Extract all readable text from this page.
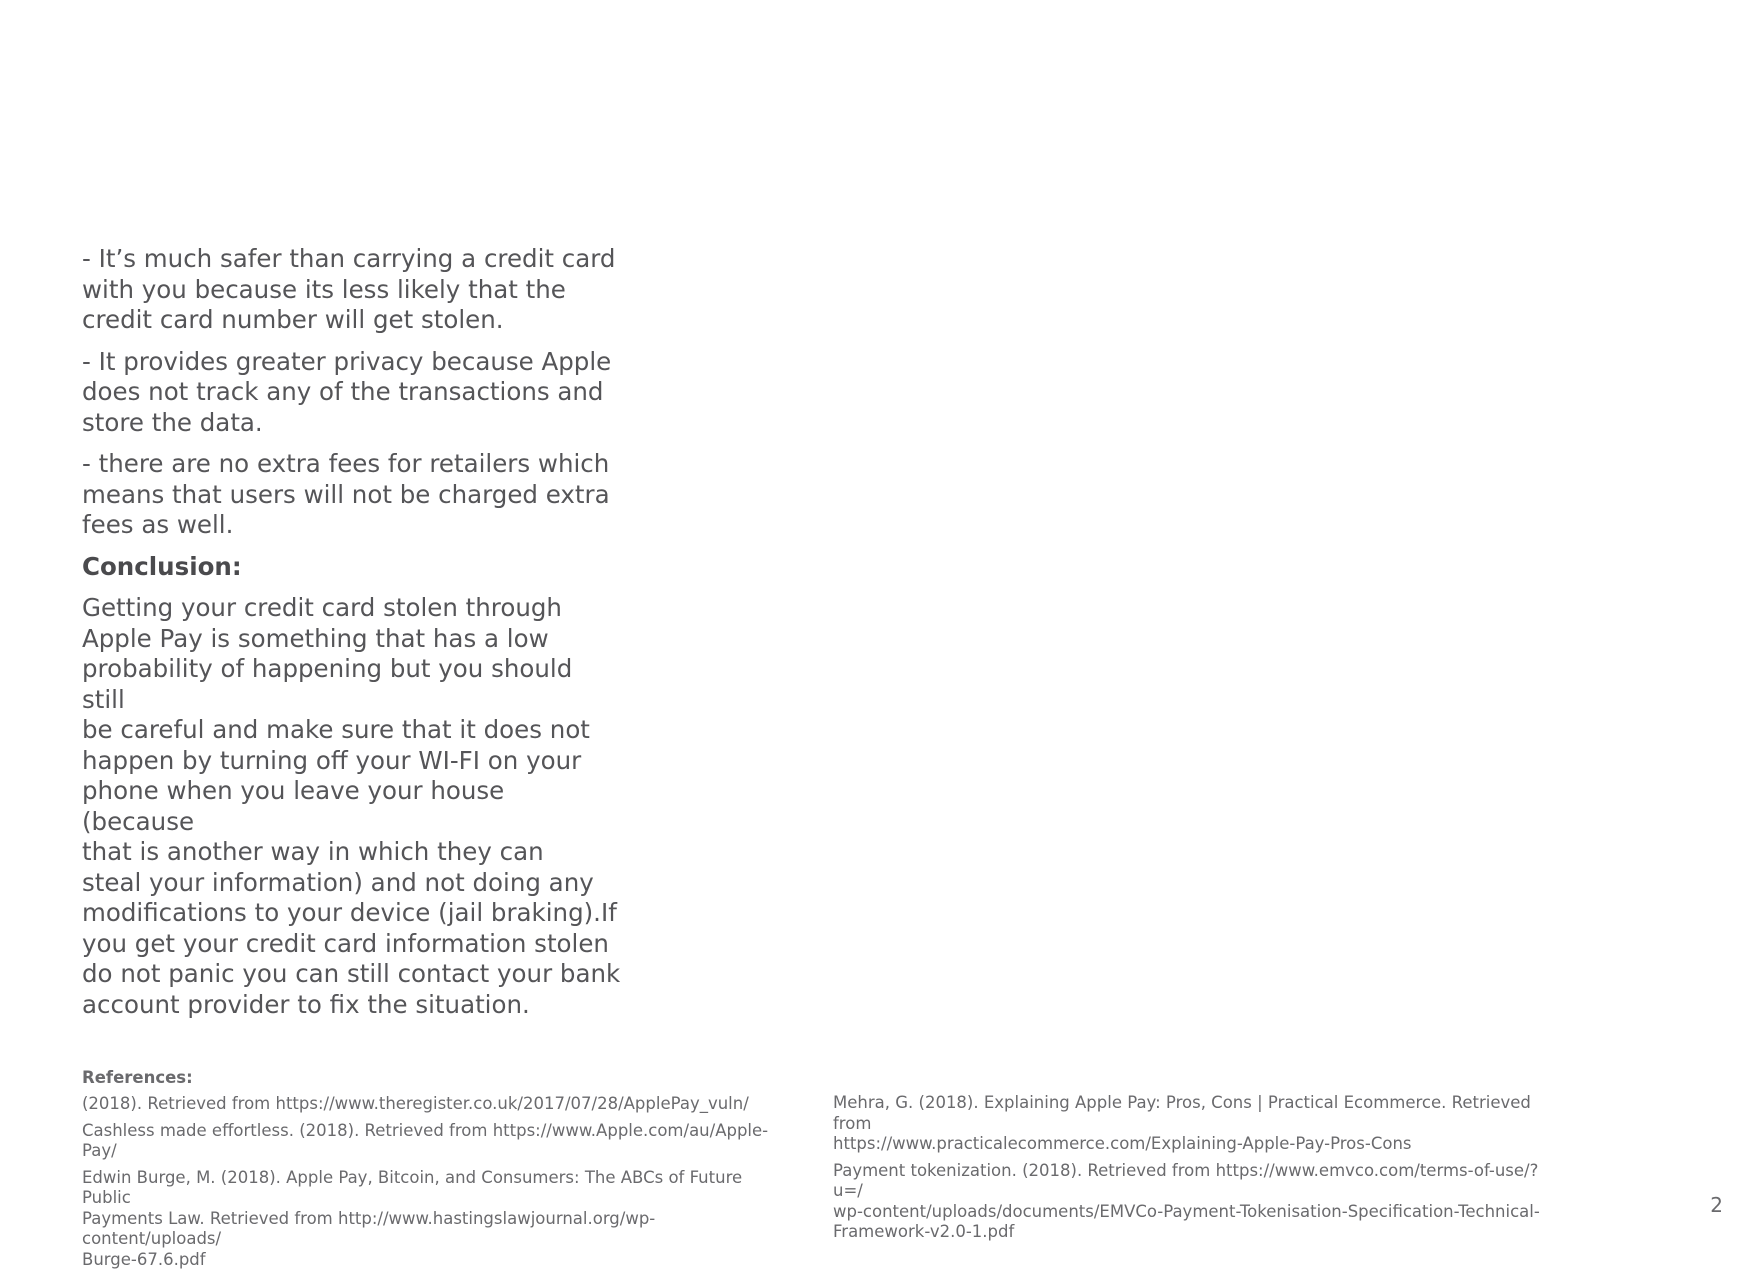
- It’s much safer than carrying a credit card
with you because its less likely that the
credit card number will get stolen.

- It provides greater privacy because Apple
does not track any of the transactions and
store the data.

- there are no extra fees for retailers which
means that users will not be charged extra
fees as well.

Conclusion:

Getting your credit card stolen through
Apple Pay is something that has a low
probability of happening but you should still
be careful and make sure that it does not
happen by turning off your WI-FI on your
phone when you leave your house (because
that is another way in which they can
steal your information) and not doing any
modifications to your device (jail braking).If
you get your credit card information stolen
do not panic you can still contact your bank
account provider to fix the situation.

References:

(2018). Retrieved from https://www.theregister.co.uk/2017/07/28/ApplePay_vuln/

Cashless made effortless. (2018). Retrieved from https://www.Apple.com/au/Apple-Pay/

Edwin Burge, M. (2018). Apple Pay, Bitcoin, and Consumers: The ABCs of Future Public
Payments Law. Retrieved from http://www.hastingslawjournal.org/wp-content/uploads/
Burge-67.6.pdf

Mehra, G. (2018). Explaining Apple Pay: Pros, Cons | Practical Ecommerce. Retrieved from
https://www.practicalecommerce.com/Explaining-Apple-Pay-Pros-Cons

Payment tokenization. (2018). Retrieved from https://www.emvco.com/terms-of-use/?u=/
wp-content/uploads/documents/EMVCo-Payment-Tokenisation-Specification-Technical-
Framework-v2.0-1.pdf

2
